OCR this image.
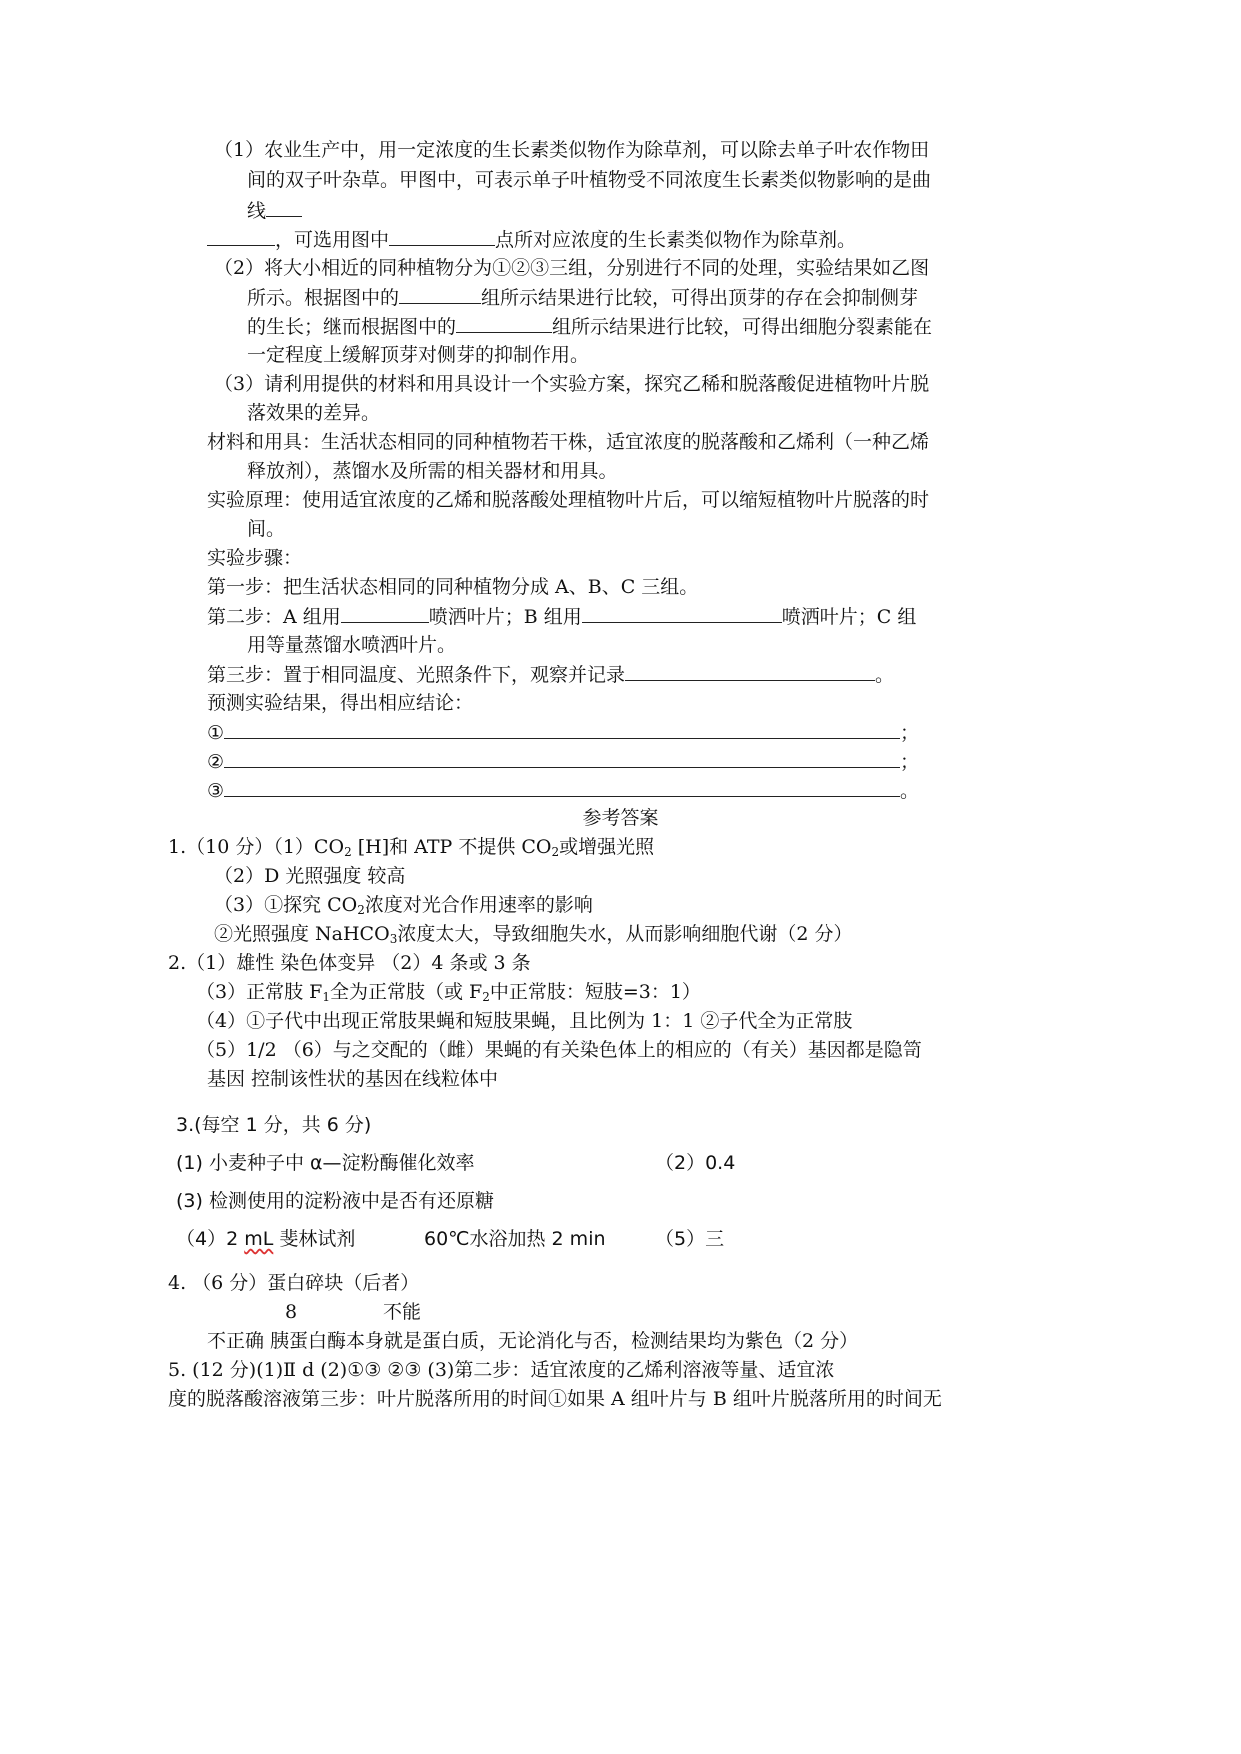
（1）农业生产中，用一定浓度的生长素类似物作为除草剂，可以除去单子叶农作物田
间的双子叶杂草。甲图中，可表示单子叶植物受不同浓度生长素类似物影响的是曲
线
，可选用图中	点所对应浓度的生长素类似物作为除草剂。
（2）将大小相近的同种植物分为①②③三组，分别进行不同的处理，实验结果如乙图
所示。根据图中的	组所示结果进行比较，可得出顶芽的存在会抑制侧芽
的生长；继而根据图中的	组所示结果进行比较，可得出细胞分裂素能在
一定程度上缓解顶芽对侧芽的抑制作用。
（3）请利用提供的材料和用具设计一个实验方案，探究乙稀和脱落酸促进植物叶片脱
落效果的差异。
材料和用具：生活状态相同的同种植物若干株，适宜浓度的脱落酸和乙烯利（一种乙烯
释放剂），蒸馏水及所需的相关器材和用具。
实验原理：使用适宜浓度的乙烯和脱落酸处理植物叶片后，可以缩短植物叶片脱落的时
间。
实验步骤：
第一步：把生活状态相同的同种植物分成 A、B、C 三组。
第二步：A 组用	喷洒叶片；B 组用	喷洒叶片；C 组
用等量蒸馏水喷洒叶片。
第三步：置于相同温度、光照条件下，观察并记录	。
预测实验结果，得出相应结论：
①	；
②	；
③	。
参考答案
1.（10 分）$(1)CO_2$ [H]和 ATP 不提供 $CO_2$或增强光照
（2）D 光照强度 较高
（3）①探究 $CO_2$浓度对光合作用速率的影响
②光照强度 NaHCO$_3$浓度太大，导致细胞失水，从而影响细胞代谢（2 分）
2.（1）雄性 染色体变异 （2）4 条或 3 条
（3）正常肢 $F_1$全为正常肢（或 $F_2$中正常肢：短肢=3：1）
（4）①子代中出现正常肢果蝇和短肢果蝇，且比例为 1：1 ②子代全为正常肢
（5）1/2 （6）与之交配的（雌）果蝇的有关染色体上的相应的（有关）基因都是隐笥
基因 控制该性状的基因在线粒体中
3.(每空 1 分，共 6 分)
(1) 小麦种子中 α—淀粉酶催化效率	（2）0.4
(3) 检测使用的淀粉液中是否有还原糖
（4）2 mL 斐林试剂	60℃水浴加热 2 min	（5）三
4. （6 分）蛋白碎块（后者）
8	不能
不正确 胰蛋白酶本身就是蛋白质，无论消化与否，检测结果均为紫色（2 分）
5. (12 分)(1)Ⅱ d (2)①③ ②③ (3)第二步：适宜浓度的乙烯利溶液等量、适宜浓
度的脱落酸溶液第三步：叶片脱落所用的时间①如果 A 组叶片与 B 组叶片脱落所用的时间无
